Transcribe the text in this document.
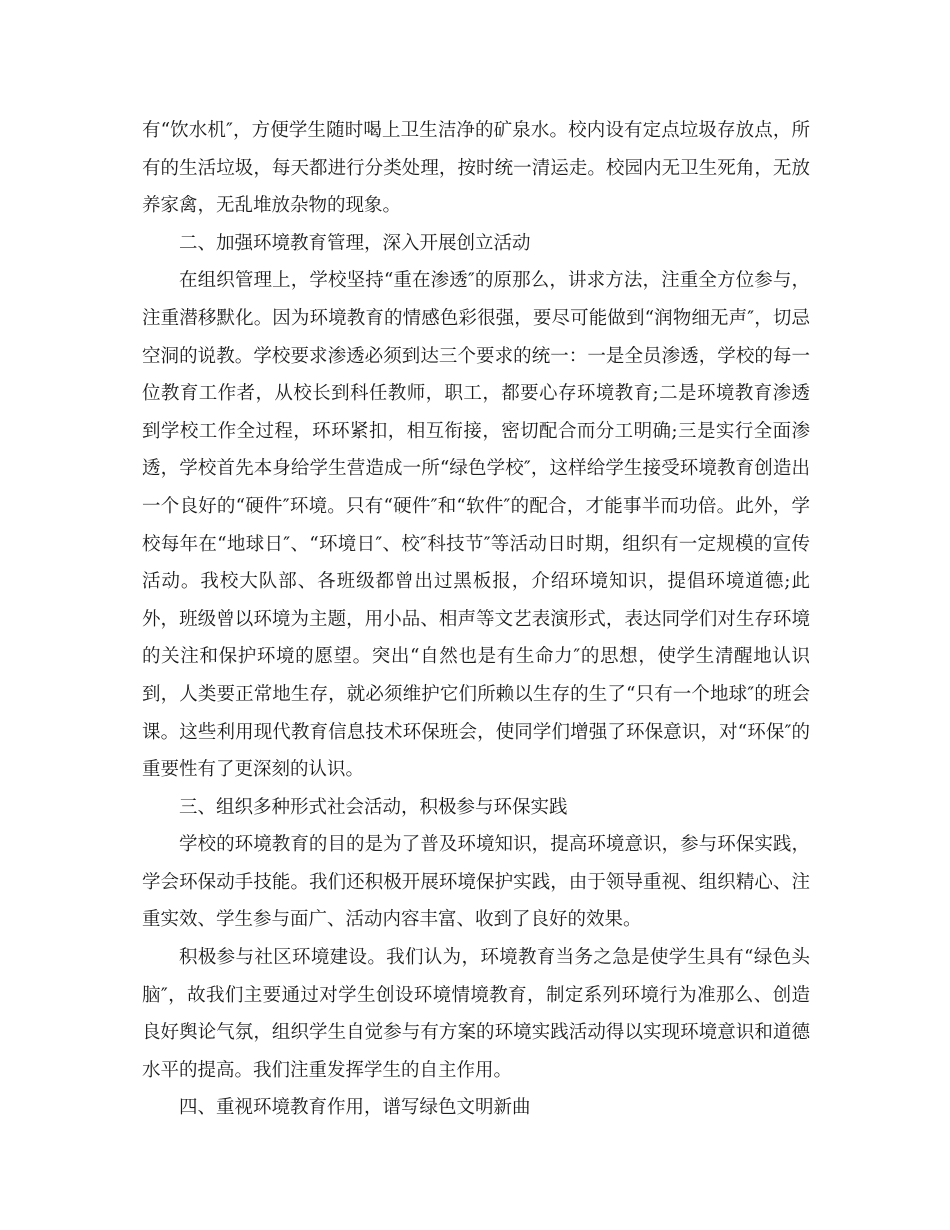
有“饮水机″，方便学生随时喝上卫生洁净的矿泉水。校内设有定点垃圾存放点，所有的生活垃圾，每天都进行分类处理，按时统一清运走。校园内无卫生死角，无放养家禽，无乱堆放杂物的现象。

二、加强环境教育管理，深入开展创立活动

在组织管理上，学校坚持“重在渗透″的原那么，讲求方法，注重全方位参与，注重潜移默化。因为环境教育的情感色彩很强，要尽可能做到“润物细无声″，切忌空洞的说教。学校要求渗透必须到达三个要求的统一：一是全员渗透，学校的每一位教育工作者，从校长到科任教师，职工，都要心存环境教育;二是环境教育渗透到学校工作全过程，环环紧扣，相互衔接，密切配合而分工明确;三是实行全面渗透，学校首先本身给学生营造成一所“绿色学校″，这样给学生接受环境教育创造出一个良好的“硬件″环境。只有“硬件″和“软件″的配合，才能事半而功倍。此外，学校每年在“地球日″、“环境日″、校″科技节″等活动日时期，组织有一定规模的宣传活动。我校大队部、各班级都曾出过黑板报，介绍环境知识，提倡环境道德;此外，班级曾以环境为主题，用小品、相声等文艺表演形式，表达同学们对生存环境的关注和保护环境的愿望。突出“自然也是有生命力″的思想，使学生清醒地认识到，人类要正常地生存，就必须维护它们所赖以生存的生了“只有一个地球″的班会课。这些利用现代教育信息技术环保班会，使同学们增强了环保意识，对“环保″的重要性有了更深刻的认识。

三、组织多种形式社会活动，积极参与环保实践

学校的环境教育的目的是为了普及环境知识，提高环境意识，参与环保实践，学会环保动手技能。我们还积极开展环境保护实践，由于领导重视、组织精心、注重实效、学生参与面广、活动内容丰富、收到了良好的效果。

积极参与社区环境建设。我们认为，环境教育当务之急是使学生具有“绿色头脑″，故我们主要通过对学生创设环境情境教育，制定系列环境行为准那么、创造良好舆论气氛，组织学生自觉参与有方案的环境实践活动得以实现环境意识和道德水平的提高。我们注重发挥学生的自主作用。

四、重视环境教育作用，谱写绿色文明新曲
